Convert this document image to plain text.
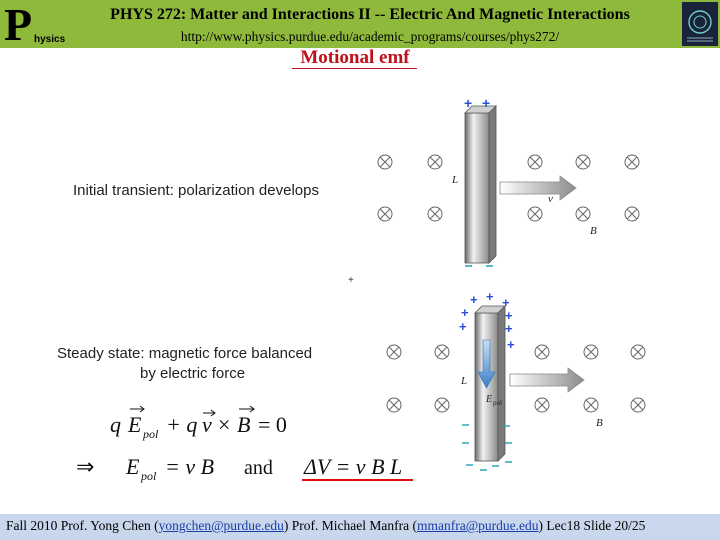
P hysics
PHYS 272: Matter and Interactions II -- Electric And Magnetic Interactions
http://www.physics.purdue.edu/academic_programs/courses/phys272/
Motional emf
+ +
L
v
B
+
+ + +
+	+
+
+
+
L
E pol
B
q E pol + q v × B = 0
⇒ E pol = v B and ΔV = v B L
Initial transient: polarization develops
Steady state: magnetic force balanced
by electric force
Fall 2010 Prof. Yong Chen (yongchen@purdue.edu) Prof. Michael Manfra (mmanfra@purdue.edu) Lec18 Slide 20/25
